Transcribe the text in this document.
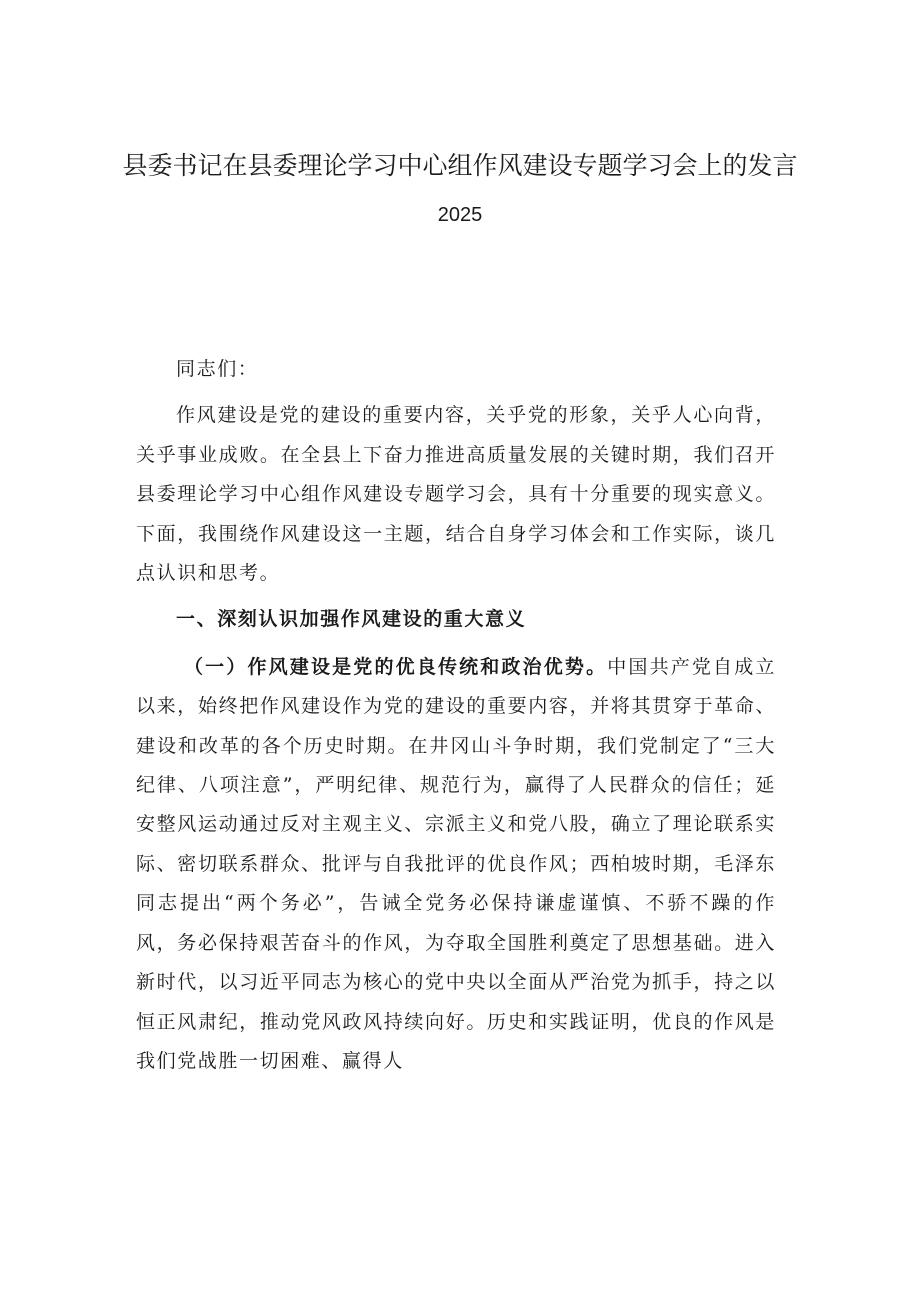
县委书记在县委理论学习中心组作风建设专题学习会上的发言
2025

同志们：

作风建设是党的建设的重要内容，关乎党的形象，关乎人心向背，关乎事业成败。在全县上下奋力推进高质量发展的关键时期，我们召开县委理论学习中心组作风建设专题学习会，具有十分重要的现实意义。下面，我围绕作风建设这一主题，结合自身学习体会和工作实际，谈几点认识和思考。

一、深刻认识加强作风建设的重大意义

（一）作风建设是党的优良传统和政治优势。中国共产党自成立以来，始终把作风建设作为党的建设的重要内容，并将其贯穿于革命、建设和改革的各个历史时期。在井冈山斗争时期，我们党制定了“三大纪律、八项注意”，严明纪律、规范行为，赢得了人民群众的信任；延安整风运动通过反对主观主义、宗派主义和党八股，确立了理论联系实际、密切联系群众、批评与自我批评的优良作风；西柏坡时期，毛泽东同志提出“两个务必”，告诫全党务必保持谦虚谨慎、不骄不躁的作风，务必保持艰苦奋斗的作风，为夺取全国胜利奠定了思想基础。进入新时代，以习近平同志为核心的党中央以全面从严治党为抓手，持之以恒正风肃纪，推动党风政风持续向好。历史和实践证明，优良的作风是我们党战胜一切困难、赢得人
